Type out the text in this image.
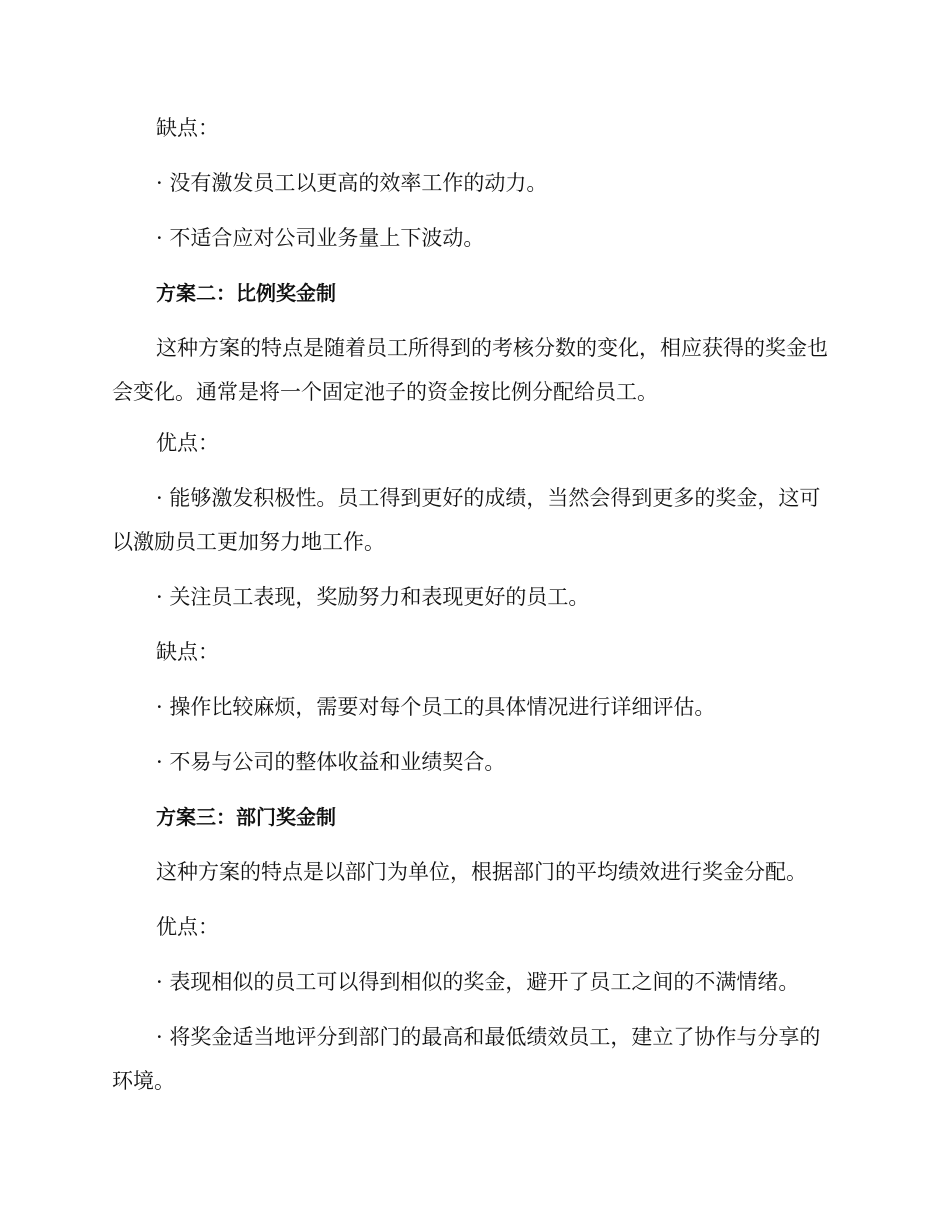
缺点：

· 没有激发员工以更高的效率工作的动力。

· 不适合应对公司业务量上下波动。

方案二：比例奖金制

这种方案的特点是随着员工所得到的考核分数的变化，相应获得的奖金也会变化。通常是将一个固定池子的资金按比例分配给员工。

优点：

· 能够激发积极性。员工得到更好的成绩，当然会得到更多的奖金，这可以激励员工更加努力地工作。

· 关注员工表现，奖励努力和表现更好的员工。

缺点：

· 操作比较麻烦，需要对每个员工的具体情况进行详细评估。

· 不易与公司的整体收益和业绩契合。

方案三：部门奖金制

这种方案的特点是以部门为单位，根据部门的平均绩效进行奖金分配。

优点：

· 表现相似的员工可以得到相似的奖金，避开了员工之间的不满情绪。

· 将奖金适当地评分到部门的最高和最低绩效员工，建立了协作与分享的环境。
